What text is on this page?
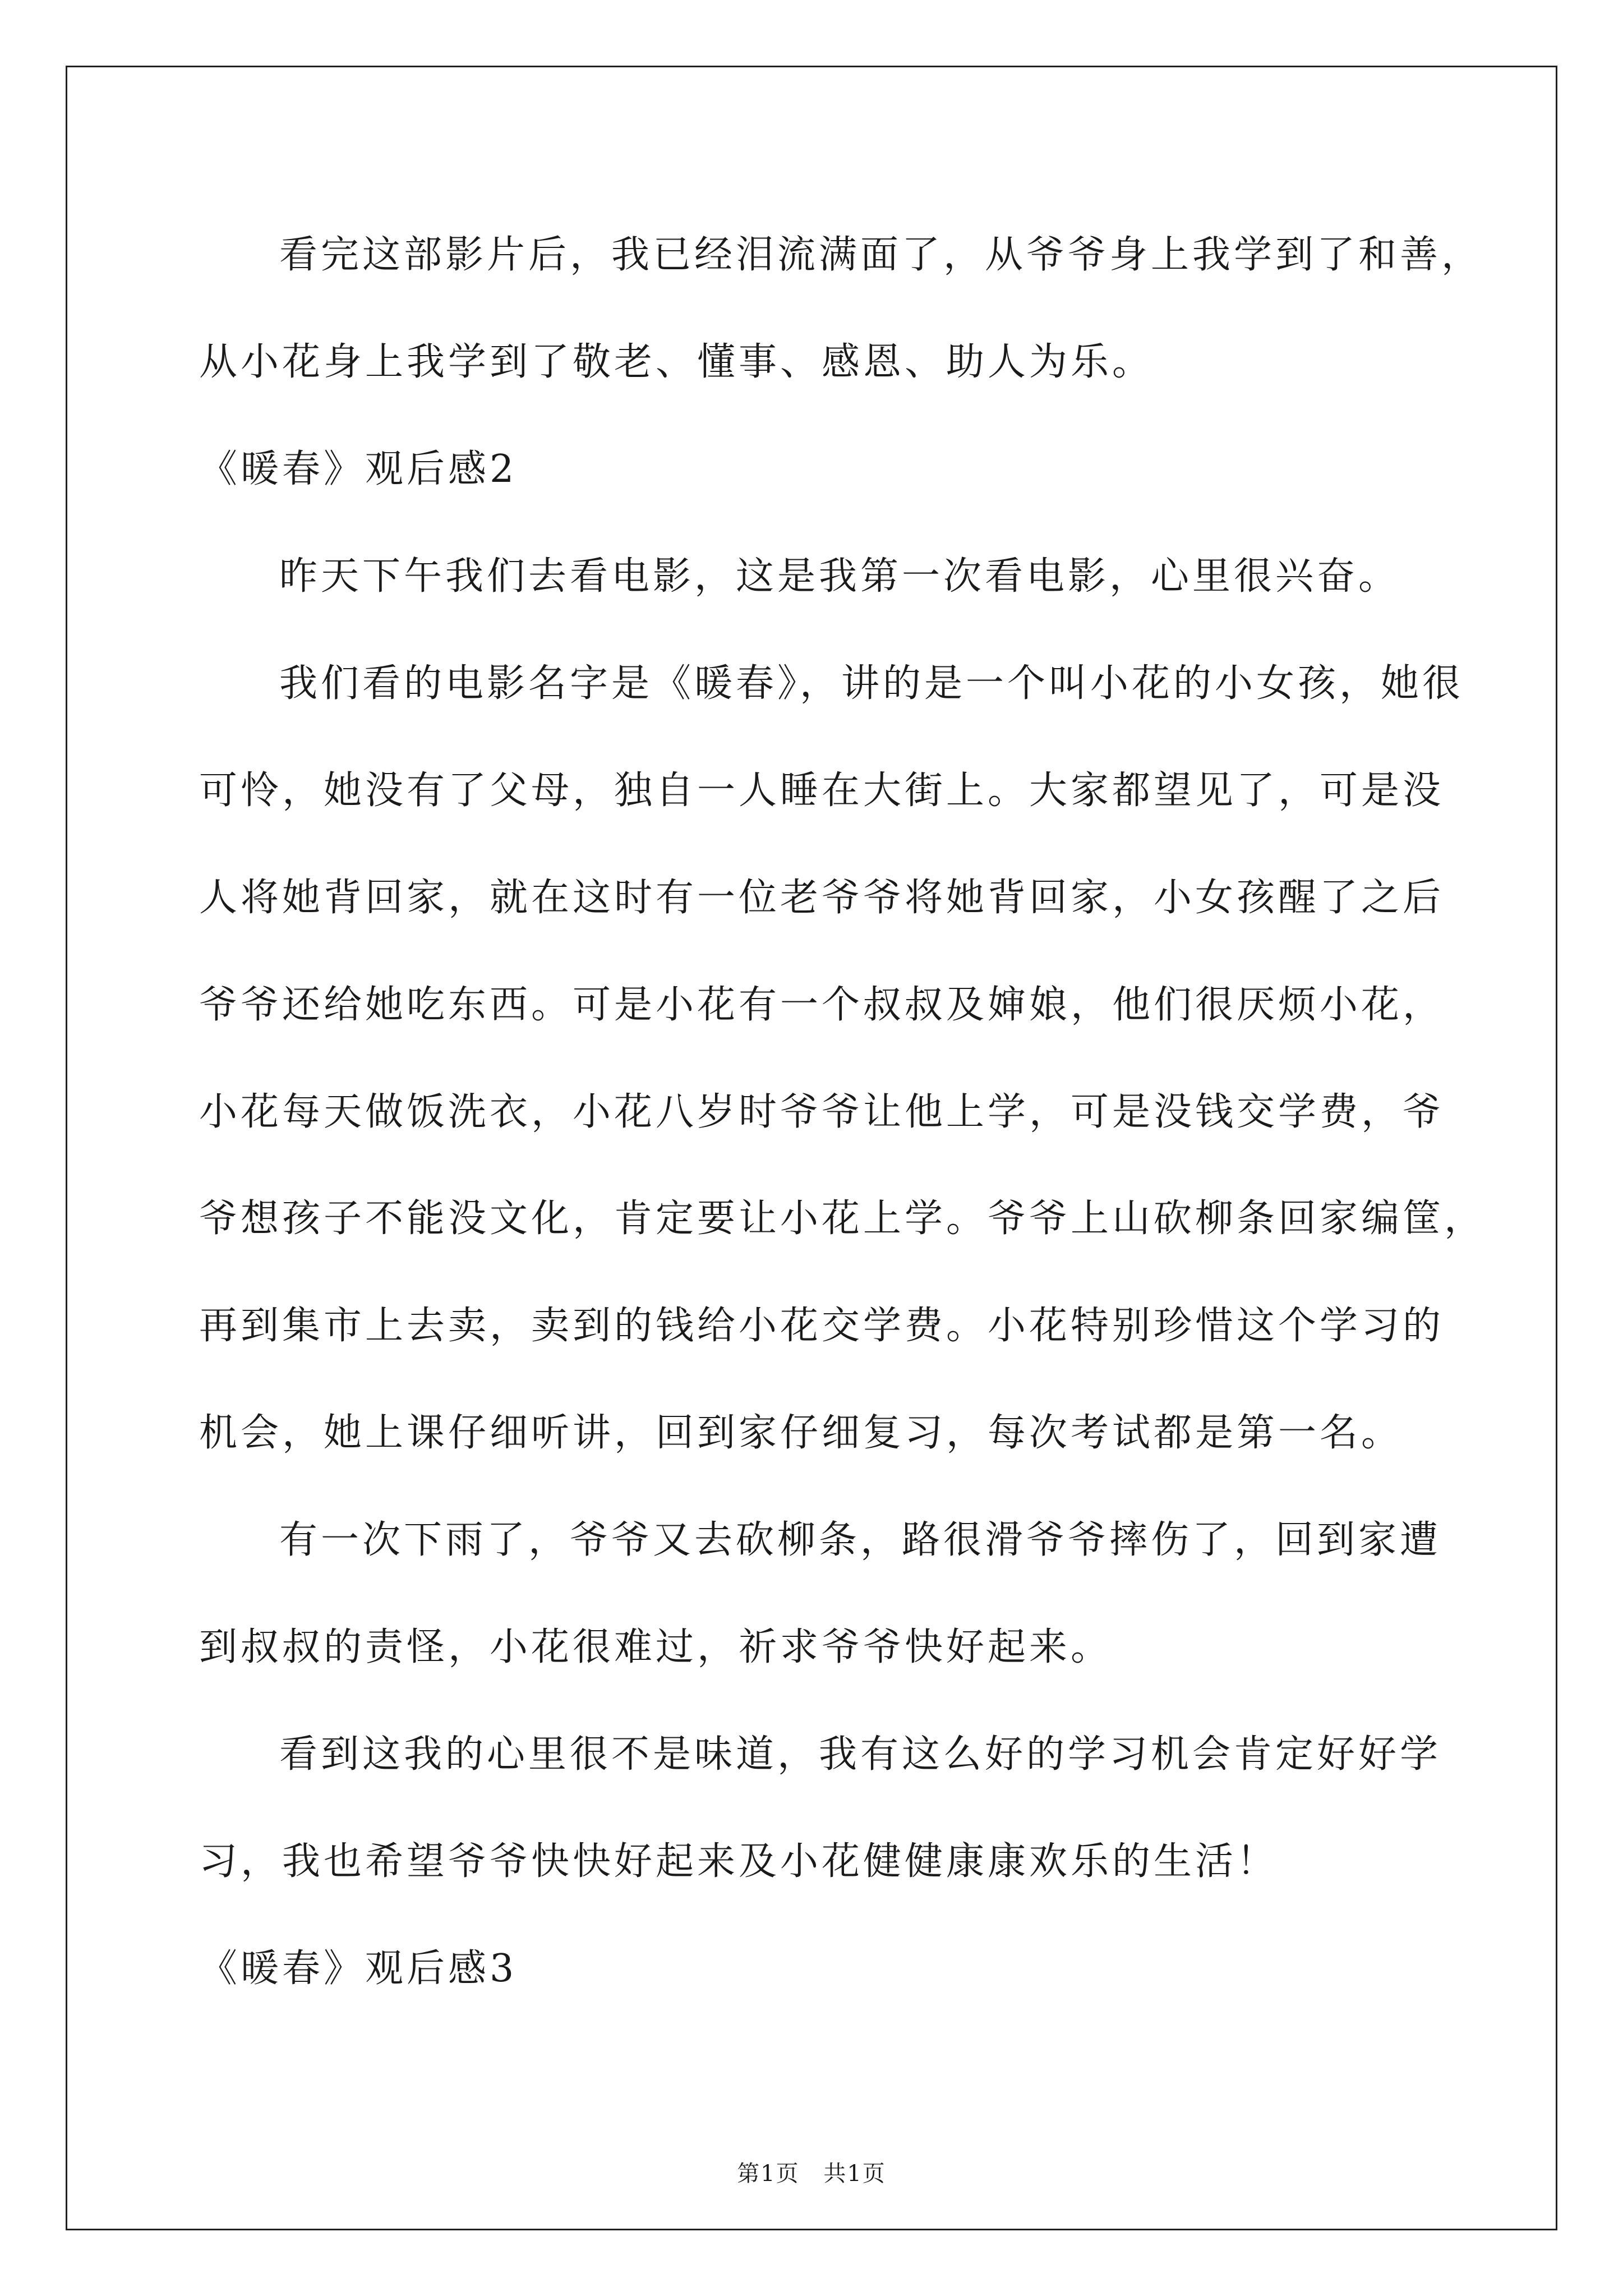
看完这部影片后，我已经泪流满面了，从爷爷身上我学到了和善，
从小花身上我学到了敬老、懂事、感恩、助人为乐。
《暖春》观后感2
昨天下午我们去看电影，这是我第一次看电影，心里很兴奋。
我们看的电影名字是《暖春》，讲的是一个叫小花的小女孩，她很
可怜，她没有了父母，独自一人睡在大街上。大家都望见了，可是没
人将她背回家，就在这时有一位老爷爷将她背回家，小女孩醒了之后
爷爷还给她吃东西。可是小花有一个叔叔及婶娘，他们很厌烦小花，
小花每天做饭洗衣，小花八岁时爷爷让他上学，可是没钱交学费，爷
爷想孩子不能没文化，肯定要让小花上学。爷爷上山砍柳条回家编筐，
再到集市上去卖，卖到的钱给小花交学费。小花特别珍惜这个学习的
机会，她上课仔细听讲，回到家仔细复习，每次考试都是第一名。
有一次下雨了，爷爷又去砍柳条，路很滑爷爷摔伤了，回到家遭
到叔叔的责怪，小花很难过，祈求爷爷快好起来。
看到这我的心里很不是味道，我有这么好的学习机会肯定好好学
习，我也希望爷爷快快好起来及小花健健康康欢乐的生活！
《暖春》观后感3
第1页 共1页
